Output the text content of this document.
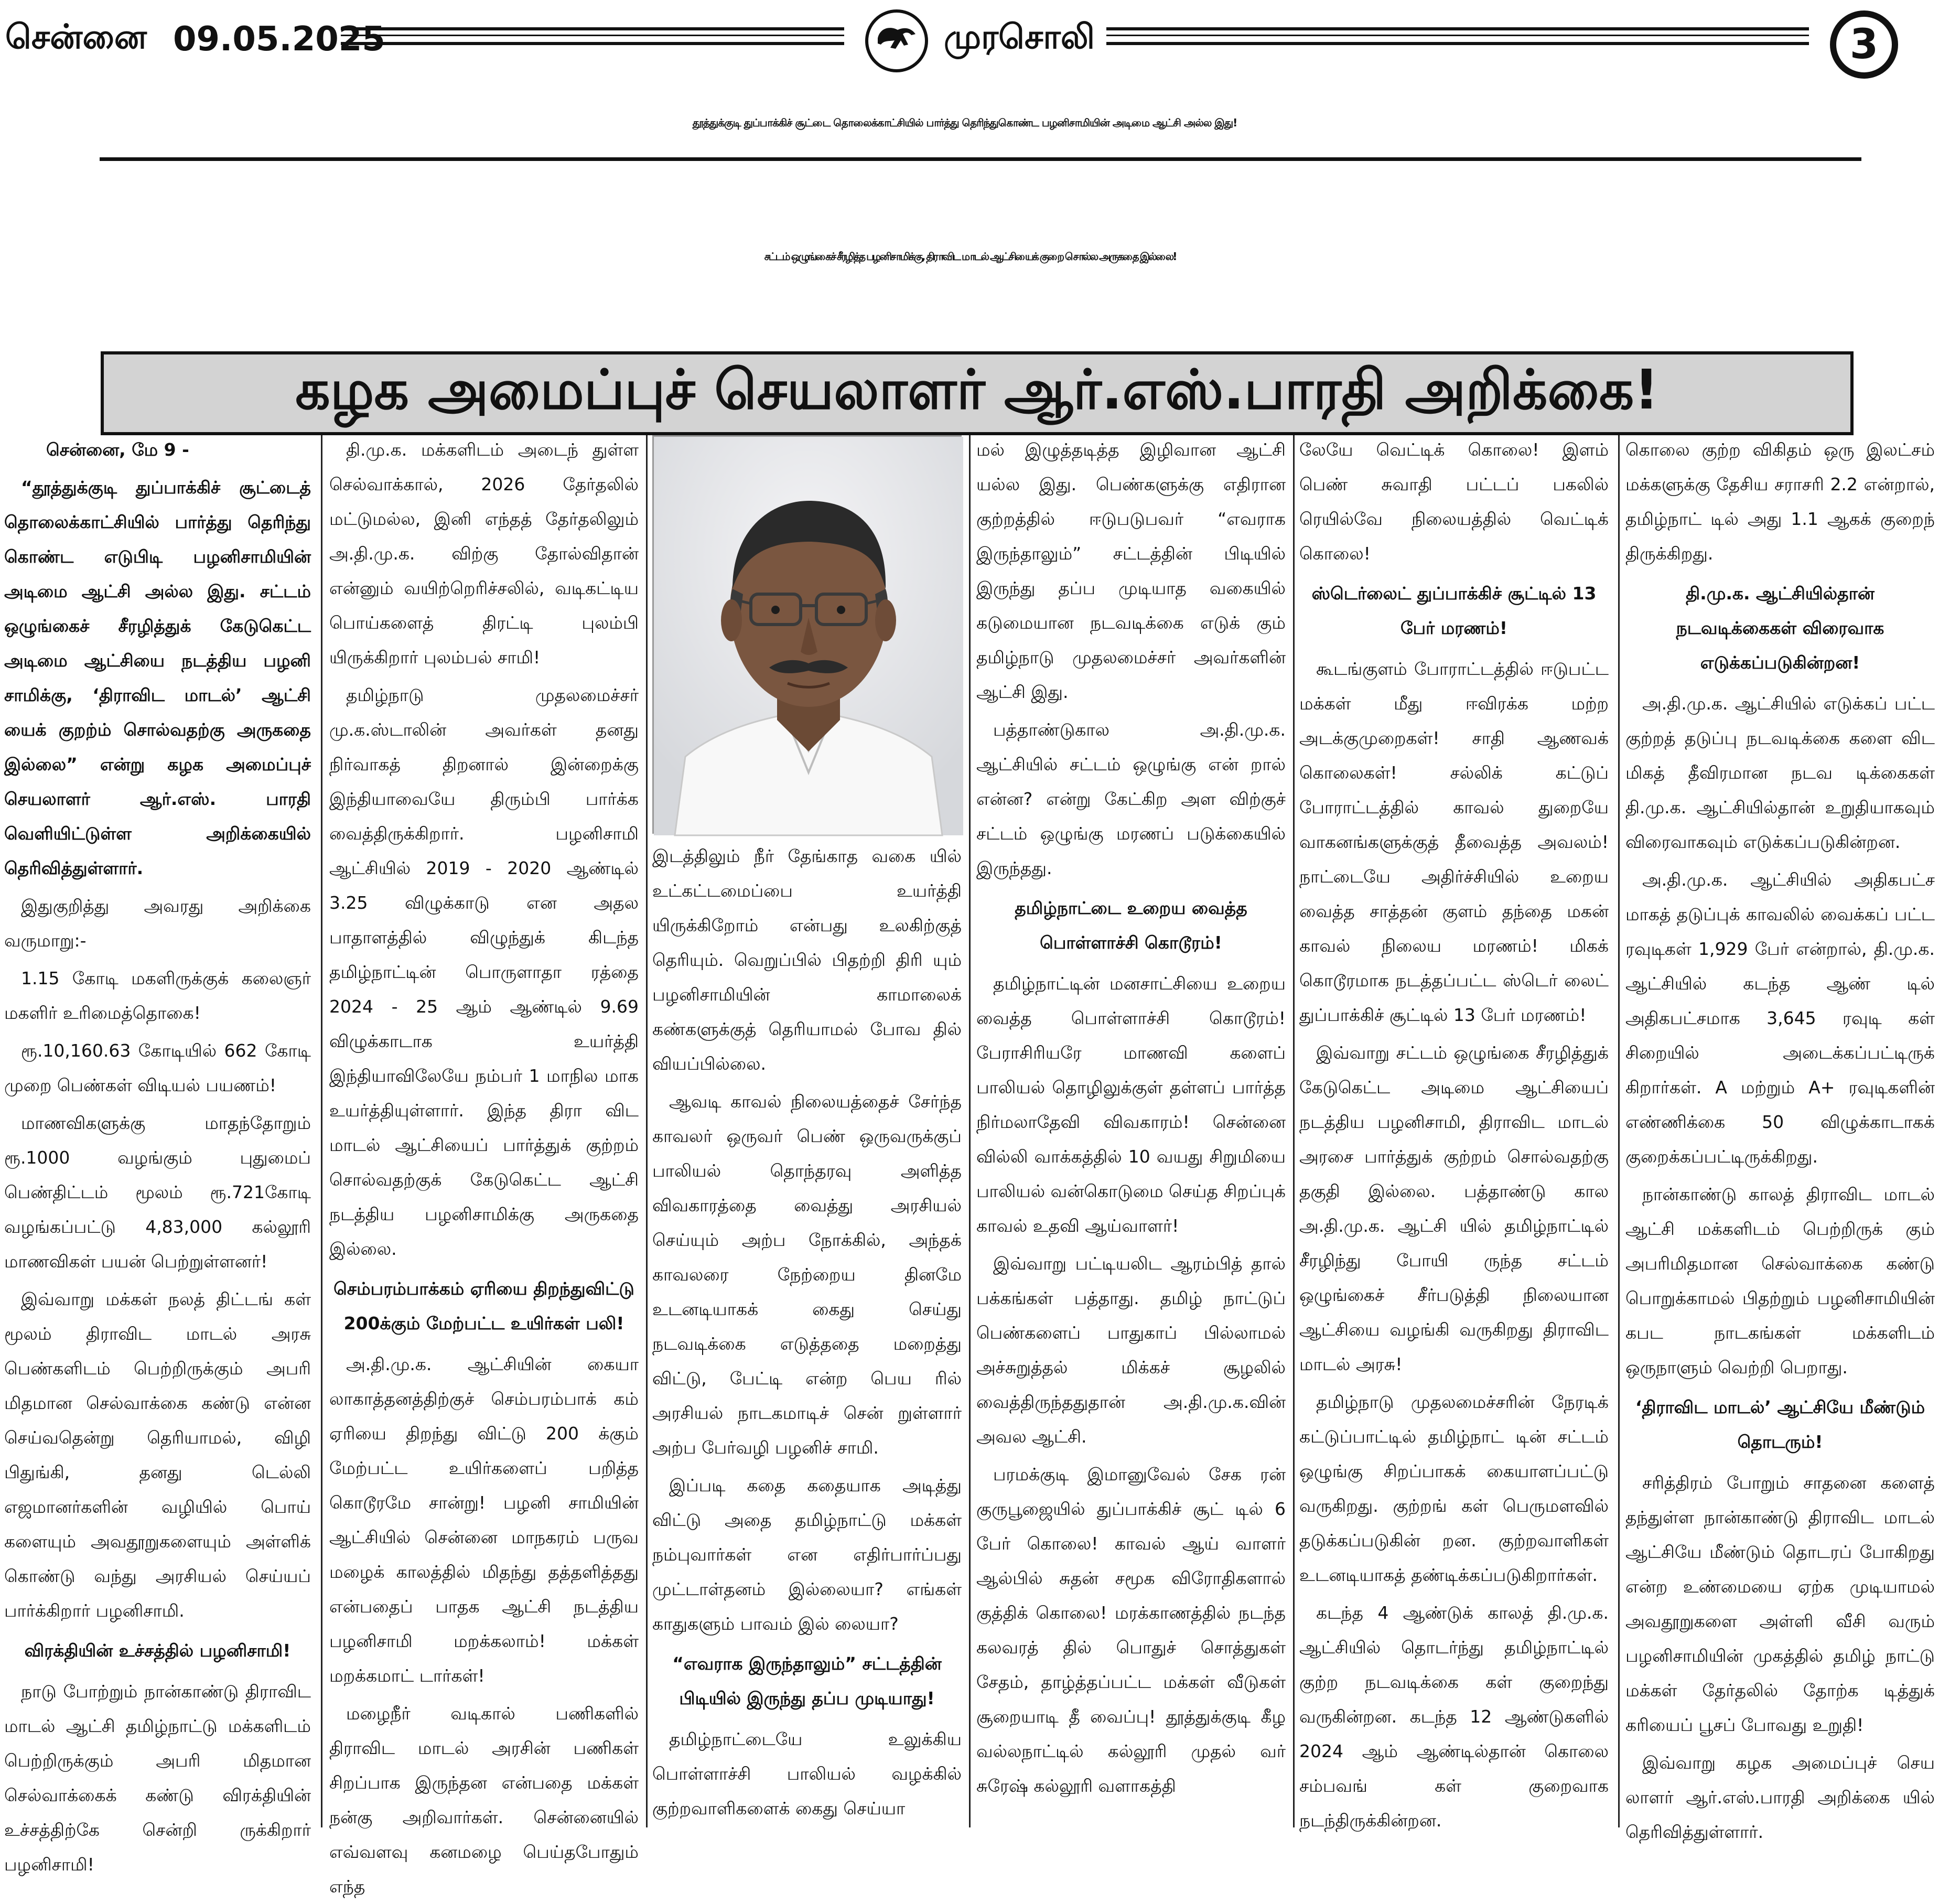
சென்னை 09.05.2025	முரசொலி	3
தூத்துக்குடி துப்பாக்கிச் சூட்டை தொலைக்காட்சியில் பார்த்து தெரிந்துகொண்ட பழனிசாமியின் அடிமை ஆட்சி அல்ல இது!
சட்டம் ஒழுங்கைச் சீரழித்த பழனிசாமிக்கு, திராவிட மாடல் ஆட்சியைக் குறை சொல்ல அருகதை இல்லை!
கழக அமைப்புச் செயலாளர் ஆர்.எஸ்.பாரதி அறிக்கை!

சென்னை, மே 9 -

“தூத்துக்குடி துப்பாக்கிச் சூட்டைத் தொலைக்காட்சியில் பார்த்து தெரிந்து கொண்ட எடுபிடி பழனிசாமியின் அடிமை ஆட்சி அல்ல இது. சட்டம் ஒழுங்கைச் சீரழித்துக் கேடுகெட்ட அடிமை ஆட்சியை நடத்திய பழனி சாமிக்கு, ‘திராவிட மாடல்’ ஆட்சி யைக் குறற்ம் சொல்வதற்கு அருகதை இல்லை” என்று கழக அமைப்புச் செயலாளர் ஆர்.எஸ். பாரதி வெளியிட்டுள்ள அறிக்கையில் தெரிவித்துள்ளார்.

இதுகுறித்து அவரது அறிக்கை வருமாறு:-

1.15 கோடி மகளிருக்குக் கலைஞர் மகளிர் உரிமைத்தொகை!

ரூ.10,160.63 கோடியில் 662 கோடி முறை பெண்கள் விடியல் பயணம்!

மாணவிகளுக்கு மாதந்தோறும் ரூ.1000 வழங்கும் புதுமைப் பெண்திட்டம் மூலம் ரூ.721கோடி வழங்கப்பட்டு 4,83,000 கல்லூரி மாணவிகள் பயன் பெற்றுள்ளனர்!

இவ்வாறு மக்கள் நலத் திட்டங் கள் மூலம் திராவிட மாடல் அரசு பெண்களிடம் பெற்றிருக்கும் அபரி மிதமான செல்வாக்கை கண்டு என்ன செய்வதென்று தெரியாமல், விழி பிதுங்கி, தனது டெல்லி எஜமானர்களின் வழியில் பொய் களையும் அவதூறுகளையும் அள்ளிக் கொண்டு வந்து அரசியல் செய்யப் பார்க்கிறார் பழனிசாமி.

விரக்தியின் உச்சத்தில் பழனிசாமி!

நாடு போற்றும் நான்காண்டு திராவிட மாடல் ஆட்சி தமிழ்நாட்டு மக்களிடம் பெற்றிருக்கும் அபரி மிதமான செல்வாக்கைக் கண்டு விரக்தியின் உச்சத்திற்கே சென்றி ருக்கிறார் பழனிசாமி!

தி.மு.க. மக்களிடம் அடைந் துள்ள செல்வாக்கால், 2026 தேர்தலில் மட்டுமல்ல, இனி எந்தத் தேர்தலிலும் அ.தி.மு.க. விற்கு தோல்விதான் என்னும் வயிற்றெரிச்சலில், வடிகட்டிய பொய்களைத் திரட்டி புலம்பி யிருக்கிறார் புலம்பல் சாமி!

தமிழ்நாடு முதலமைச்சர் மு.க.ஸ்டாலின் அவர்கள் தனது நிர்வாகத் திறனால் இன்றைக்கு இந்தியாவையே திரும்பி பார்க்க வைத்திருக்கிறார். பழனிசாமி ஆட்சியில் 2019 - 2020 ஆண்டில் 3.25 விழுக்காடு என அதல பாதாளத்தில் விழுந்துக் கிடந்த தமிழ்நாட்டின் பொருளாதா ரத்தை 2024 - 25 ஆம் ஆண்டில் 9.69 விழுக்காடாக உயர்த்தி இந்தியாவிலேயே நம்பர் 1 மாநில மாக உயர்த்தியுள்ளார். இந்த திரா விட மாடல் ஆட்சியைப் பார்த்துக் குற்றம் சொல்வதற்குக் கேடுகெட்ட ஆட்சி நடத்திய பழனிசாமிக்கு அருகதை இல்லை.

செம்பரம்பாக்கம் ஏரியை திறந்துவிட்டு 200க்கும் மேற்பட்ட உயிர்கள் பலி!

அ.தி.மு.க. ஆட்சியின் கையா லாகாத்தனத்திற்குச் செம்பரம்பாக் கம் ஏரியை திறந்து விட்டு 200 க்கும் மேற்பட்ட உயிர்களைப் பறித்த கொடூரமே சான்று! பழனி சாமியின் ஆட்சியில் சென்னை மாநகரம் பருவ மழைக் காலத்தில் மிதந்து தத்தளித்தது என்பதைப் பாதக ஆட்சி நடத்திய பழனிசாமி மறக்கலாம்! மக்கள் மறக்கமாட் டார்கள்!

மழைநீர் வடிகால் பணிகளில் திராவிட மாடல் அரசின் பணிகள் சிறப்பாக இருந்தன என்பதை மக்கள் நன்கு அறிவார்கள். சென்னையில் எவ்வளவு கனமழை பெய்தபோதும் எந்த

இடத்திலும் நீர் தேங்காத வகை யில் உட்கட்டமைப்பை உயர்த்தி யிருக்கிறோம் என்பது உலகிற்குத் தெரியும். வெறுப்பில் பிதற்றி திரி யும் பழனிசாமியின் காமாலைக் கண்களுக்குத் தெரியாமல் போவ தில் வியப்பில்லை.

ஆவடி காவல் நிலையத்தைச் சேர்ந்த காவலர் ஒருவர் பெண் ஒருவருக்குப் பாலியல் தொந்தரவு அளித்த விவகாரத்தை வைத்து அரசியல் செய்யும் அற்ப நோக்கில், அந்தக் காவலரை நேற்றைய தினமே உடனடியாகக் கைது செய்து நடவடிக்கை எடுத்ததை மறைத்து விட்டு, பேட்டி என்ற பெய ரில் அரசியல் நாடகமாடிச் சென் றுள்ளார் அற்ப பேர்வழி பழனிச் சாமி.

இப்படி கதை கதையாக அடித்து விட்டு அதை தமிழ்நாட்டு மக்கள் நம்புவார்கள் என எதிர்பார்ப்பது முட்டாள்தனம் இல்லையா? எங்கள் காதுகளும் பாவம் இல் லையா?

“எவராக இருந்தாலும்” சட்டத்தின் பிடியில் இருந்து தப்ப முடியாது!

தமிழ்நாட்டையே உலுக்கிய பொள்ளாச்சி பாலியல் வழக்கில் குற்றவாளிகளைக் கைது செய்யா

மல் இழுத்தடித்த இழிவான ஆட்சி யல்ல இது. பெண்களுக்கு எதிரான குற்றத்தில் ஈடுபடுபவர் “எவராக இருந்தாலும்” சட்டத்தின் பிடியில் இருந்து தப்ப முடியாத வகையில் கடுமையான நடவடிக்கை எடுக் கும் தமிழ்நாடு முதலமைச்சர் அவர்களின் ஆட்சி இது.

பத்தாண்டுகால அ.தி.மு.க. ஆட்சியில் சட்டம் ஒழுங்கு என் றால் என்ன? என்று கேட்கிற அள விற்குச் சட்டம் ஒழுங்கு மரணப் படுக்கையில் இருந்தது.

தமிழ்நாட்டை உறைய வைத்த பொள்ளாச்சி கொடூரம்!

தமிழ்நாட்டின் மனசாட்சியை உறைய வைத்த பொள்ளாச்சி கொடூரம்! பேராசிரியரே மாணவி களைப் பாலியல் தொழிலுக்குள் தள்ளப் பார்த்த நிர்மலாதேவி விவகாரம்! சென்னை வில்லி வாக்கத்தில் 10 வயது சிறுமியை பாலியல் வன்கொடுமை செய்த சிறப்புக் காவல் உதவி ஆய்வாளர்!

இவ்வாறு பட்டியலிட ஆரம்பித் தால் பக்கங்கள் பத்தாது. தமிழ் நாட்டுப் பெண்களைப் பாதுகாப் பில்லாமல் அச்சுறுத்தல் மிக்கச் சூழலில் வைத்திருந்ததுதான் அ.தி.மு.க.வின் அவல ஆட்சி.

பரமக்குடி இமானுவேல் சேக ரன் குருபூஜையில் துப்பாக்கிச் சூட் டில் 6 பேர் கொலை! காவல் ஆய் வாளர் ஆல்பில் சுதன் சமூக விரோதிகளால் குத்திக் கொலை! மரக்காணத்தில் நடந்த கலவரத் தில் பொதுச் சொத்துகள் சேதம், தாழ்த்தப்பட்ட மக்கள் வீடுகள் சூறையாடி தீ வைப்பு! தூத்துக்குடி கீழ வல்லநாட்டில் கல்லூரி முதல் வர் சுரேஷ் கல்லூரி வளாகத்தி

லேயே வெட்டிக் கொலை! இளம் பெண் சுவாதி பட்டப் பகலில் ரெயில்வே நிலையத்தில் வெட்டிக் கொலை!

ஸ்டெர்லைட் துப்பாக்கிச் சூட்டில் 13 பேர் மரணம்!

கூடங்குளம் போராட்டத்தில் ஈடுபட்ட மக்கள் மீது ஈவிரக்க மற்ற அடக்குமுறைகள்! சாதி ஆணவக் கொலைகள்! சல்லிக் கட்டுப் போராட்டத்தில் காவல் துறையே வாகனங்களுக்குத் தீவைத்த அவலம்! நாட்டையே அதிர்ச்சியில் உறைய வைத்த சாத்தன் குளம் தந்தை மகன் காவல் நிலைய மரணம்! மிகக் கொடூரமாக நடத்தப்பட்ட ஸ்டெர் லைட் துப்பாக்கிச் சூட்டில் 13 பேர் மரணம்!

இவ்வாறு சட்டம் ஒழுங்கை சீரழித்துக் கேடுகெட்ட அடிமை ஆட்சியைப் நடத்திய பழனிசாமி, திராவிட மாடல் அரசை பார்த்துக் குற்றம் சொல்வதற்கு தகுதி இல்லை. பத்தாண்டு கால அ.தி.மு.க. ஆட்சி யில் தமிழ்நாட்டில் சீரழிந்து போயி ருந்த சட்டம் ஒழுங்கைச் சீர்படுத்தி நிலையான ஆட்சியை வழங்கி வருகிறது திராவிட மாடல் அரசு!

தமிழ்நாடு முதலமைச்சரின் நேரடிக் கட்டுப்பாட்டில் தமிழ்நாட் டின் சட்டம் ஒழுங்கு சிறப்பாகக் கையாளப்பட்டு வருகிறது. குற்றங் கள் பெருமளவில் தடுக்கப்படுகின் றன. குற்றவாளிகள் உடனடியாகத் தண்டிக்கப்படுகிறார்கள்.

கடந்த 4 ஆண்டுக் காலத் தி.மு.க. ஆட்சியில் தொடர்ந்து தமிழ்நாட்டில் குற்ற நடவடிக்கை கள் குறைந்து வருகின்றன. கடந்த 12 ஆண்டுகளில் 2024 ஆம் ஆண்டில்தான் கொலை சம்பவங் கள் குறைவாக நடந்திருக்கின்றன.

கொலை குற்ற விகிதம் ஒரு இலட்சம் மக்களுக்கு தேசிய சராசரி 2.2 என்றால், தமிழ்நாட் டில் அது 1.1 ஆகக் குறைந் திருக்கிறது.

தி.மு.க. ஆட்சியில்தான் நடவடிக்கைகள் விரைவாக எடுக்கப்படுகின்றன!

அ.தி.மு.க. ஆட்சியில் எடுக்கப் பட்ட குற்றத் தடுப்பு நடவடிக்கை களை விட மிகத் தீவிரமான நடவ டிக்கைகள் தி.மு.க. ஆட்சியில்தான் உறுதியாகவும் விரைவாகவும் எடுக்கப்படுகின்றன.

அ.தி.மு.க. ஆட்சியில் அதிகபட்ச மாகத் தடுப்புக் காவலில் வைக்கப் பட்ட ரவுடிகள் 1,929 பேர் என்றால், தி.மு.க. ஆட்சியில் கடந்த ஆண் டில் அதிகபட்சமாக 3,645 ரவுடி கள் சிறையில் அடைக்கப்பட்டிருக் கிறார்கள். A மற்றும் A+ ரவுடிகளின் எண்ணிக்கை 50 விழுக்காடாகக் குறைக்கப்பட்டிருக்கிறது.

நான்காண்டு காலத் திராவிட மாடல் ஆட்சி மக்களிடம் பெற்றிருக் கும் அபரிமிதமான செல்வாக்கை கண்டு பொறுக்காமல் பிதற்றும் பழனிசாமியின் கபட நாடகங்கள் மக்களிடம் ஒருநாளும் வெற்றி பெறாது.

‘திராவிட மாடல்’ ஆட்சியே மீண்டும் தொடரும்!

சரித்திரம் போறும் சாதனை களைத் தந்துள்ள நான்காண்டு திராவிட மாடல் ஆட்சியே மீண்டும் தொடரப் போகிறது என்ற உண்மையை ஏற்க முடியாமல் அவதூறுகளை அள்ளி வீசி வரும் பழனிசாமியின் முகத்தில் தமிழ் நாட்டு மக்கள் தேர்தலில் தோற்க டித்துக் கரியைப் பூசப் போவது உறுதி!

இவ்வாறு கழக அமைப்புச் செய லாளர் ஆர்.எஸ்.பாரதி அறிக்கை யில் தெரிவித்துள்ளார்.
